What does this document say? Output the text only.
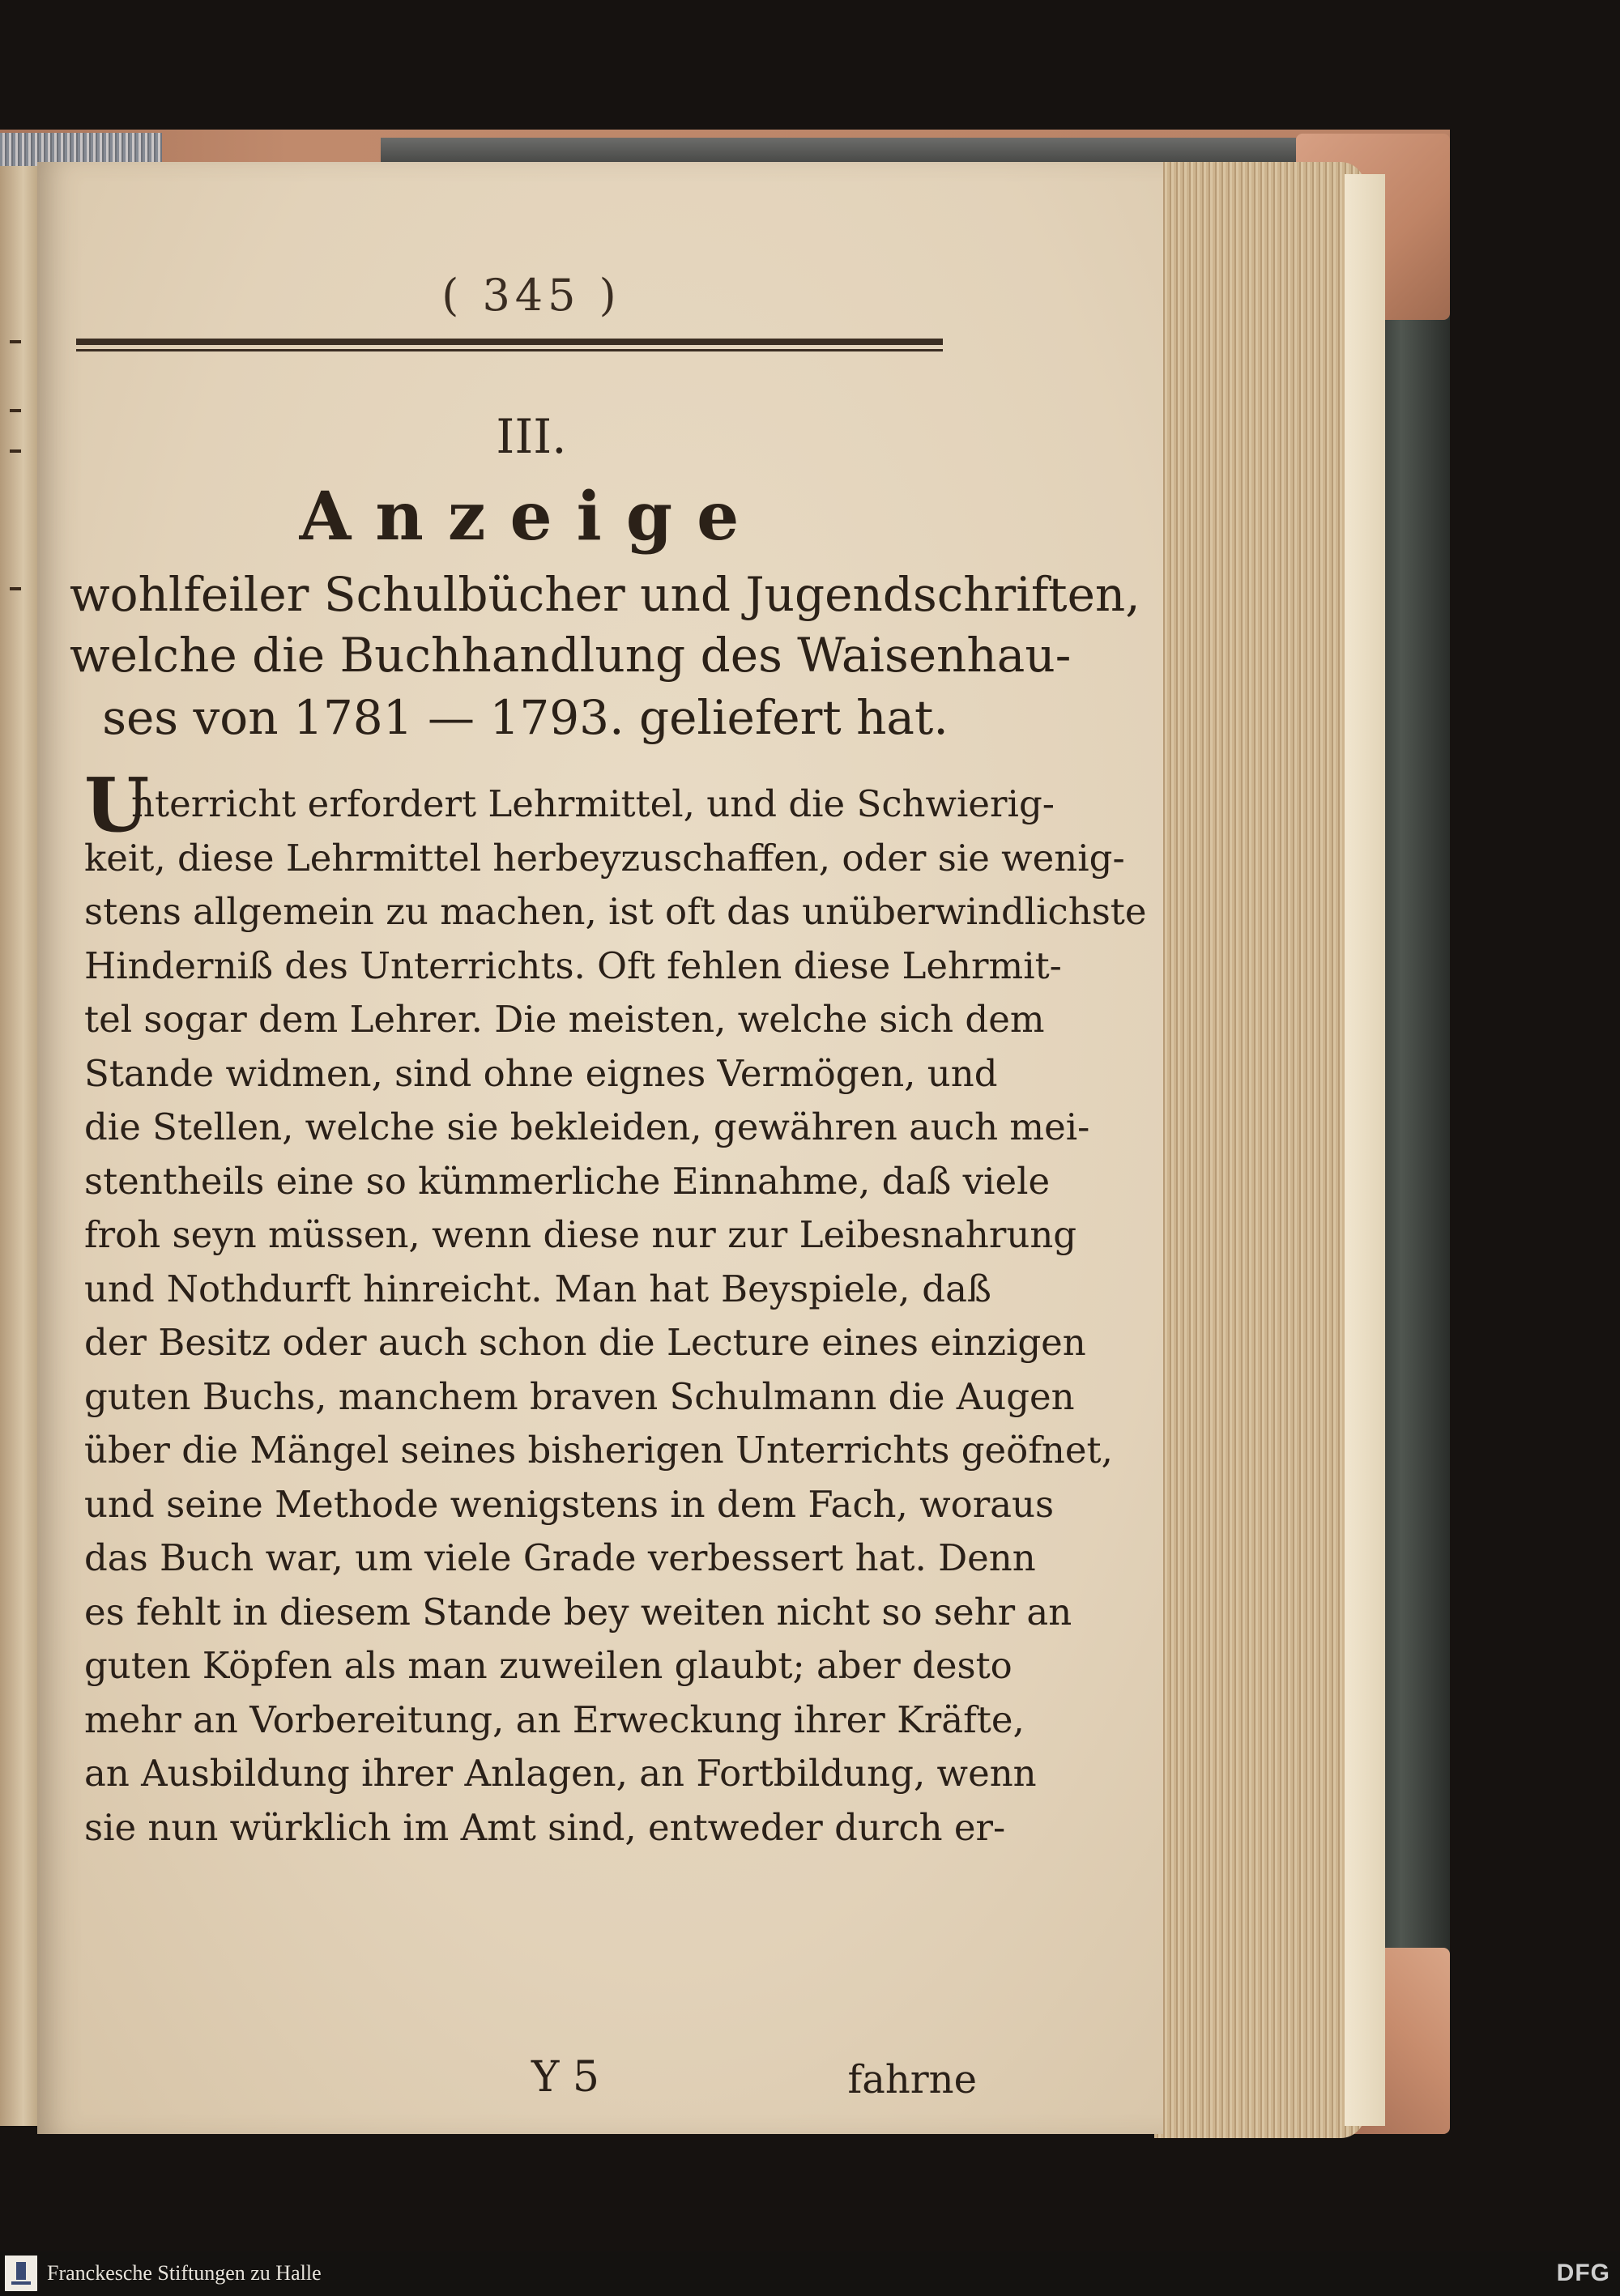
( 345 )
III.
Anzeige
wohlfeiler Schulbücher und Jugendschriften,
welche die Buchhandlung des Waisenhau-
ses von 1781 — 1793. geliefert hat.
U
nterricht erfordert Lehrmittel, und die Schwierig-
keit, diese Lehrmittel herbeyzuschaffen, oder sie wenig-
stens allgemein zu machen, ist oft das unüberwindlichste
Hinderniß des Unterrichts. Oft fehlen diese Lehrmit-
tel sogar dem Lehrer. Die meisten, welche sich dem
Stande widmen, sind ohne eignes Vermögen, und
die Stellen, welche sie bekleiden, gewähren auch mei-
stentheils eine so kümmerliche Einnahme, daß viele
froh seyn müssen, wenn diese nur zur Leibesnahrung
und Nothdurft hinreicht. Man hat Beyspiele, daß
der Besitz oder auch schon die Lecture eines einzigen
guten Buchs, manchem braven Schulmann die Augen
über die Mängel seines bisherigen Unterrichts geöfnet,
und seine Methode wenigstens in dem Fach, woraus
das Buch war, um viele Grade verbessert hat. Denn
es fehlt in diesem Stande bey weiten nicht so sehr an
guten Köpfen als man zuweilen glaubt; aber desto
mehr an Vorbereitung, an Erweckung ihrer Kräfte,
an Ausbildung ihrer Anlagen, an Fortbildung, wenn
sie nun würklich im Amt sind, entweder durch er-
Y 5	fahrne
Franckesche Stiftungen zu Halle	DFG
